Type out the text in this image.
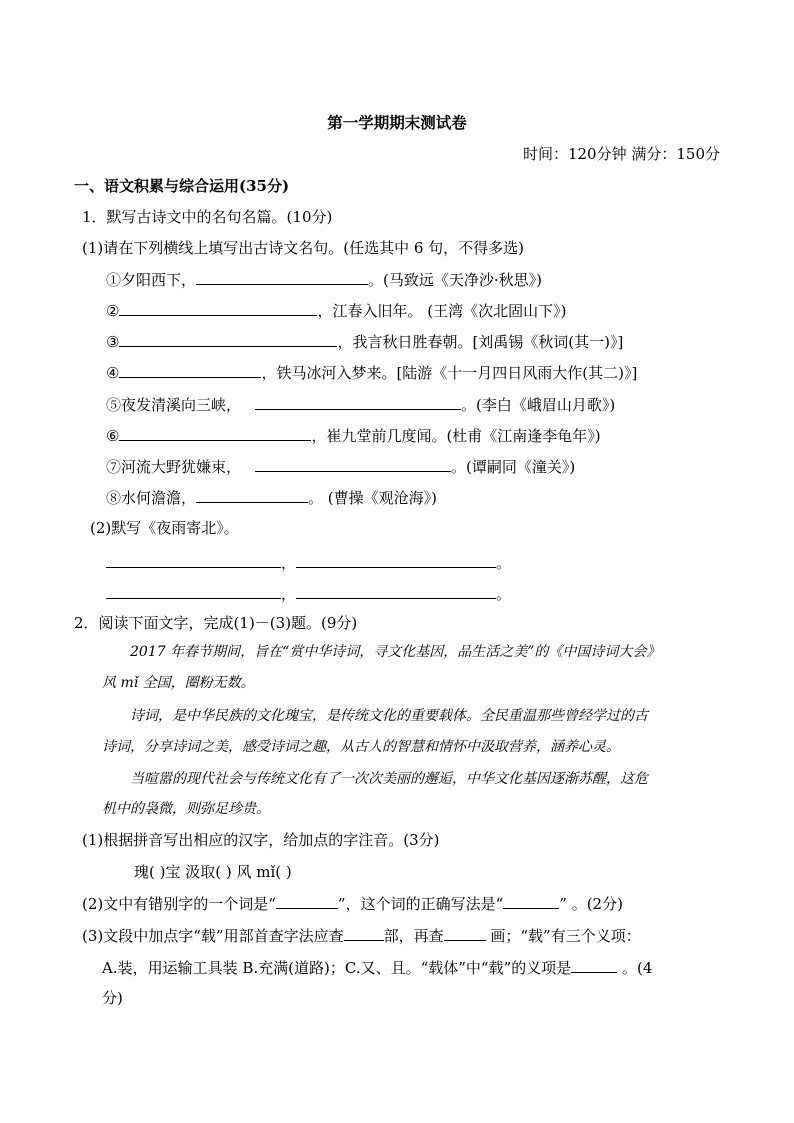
第一学期期末测试卷
时间：120分钟 满分：150分
一、语文积累与综合运用(35分)
1．默写古诗文中的名句名篇。(10分)
(1)请在下列横线上填写出古诗文名句。(任选其中 6 句，不得多选)
①夕阳西下，	。(马致远《天净沙·秋思》)
②	，江春入旧年。 (王湾《次北固山下》)
③	，我言秋日胜春朝。[刘禹锡《秋词(其一)》]
④	，铁马冰河入梦来。[陆游《十一月四日风雨大作(其二)》]
⑤夜发清溪向三峡，	。(李白《峨眉山月歌》)
⑥	，崔九堂前几度闻。(杜甫《江南逢李龟年》)
⑦河流大野犹嫌束，	。(谭嗣同《潼关》)
⑧水何澹澹，	。 (曹操《观沧海》)
(2)默写《夜雨寄北》。
，	。
，	。
2．阅读下面文字，完成(1)－(3)题。(9分)
2017 年春节期间，旨在“赏中华诗词，寻文化基因，品生活之美”的《中国诗词大会》
风 mǐ 全国，圈粉无数。
诗词，是中华民族的文化瑰宝，是传统文化的重要载体。全民重温那些曾经学过的古
诗词，分享诗词之美，感受诗词之趣，从古人的智慧和情怀中汲取营养，涵养心灵。
当喧嚣的现代社会与传统文化有了一次次美丽的邂逅，中华文化基因逐渐苏醒，这危
机中的袅微，则弥足珍贵。
(1)根据拼音写出相应的汉字，给加点的字注音。(3分)
瑰( )宝 汲取( ) 风 mǐ( )
(2)文中有错别字的一个词是“	”，这个词的正确写法是“	” 。(2分)
(3)文段中加点字“载”用部首查字法应查	部，再查	画；“载”有三个义项：
A.装，用运输工具装 B.充满(道路)；C.又、且。“载体”中“载”的义项是	。(4
分)
